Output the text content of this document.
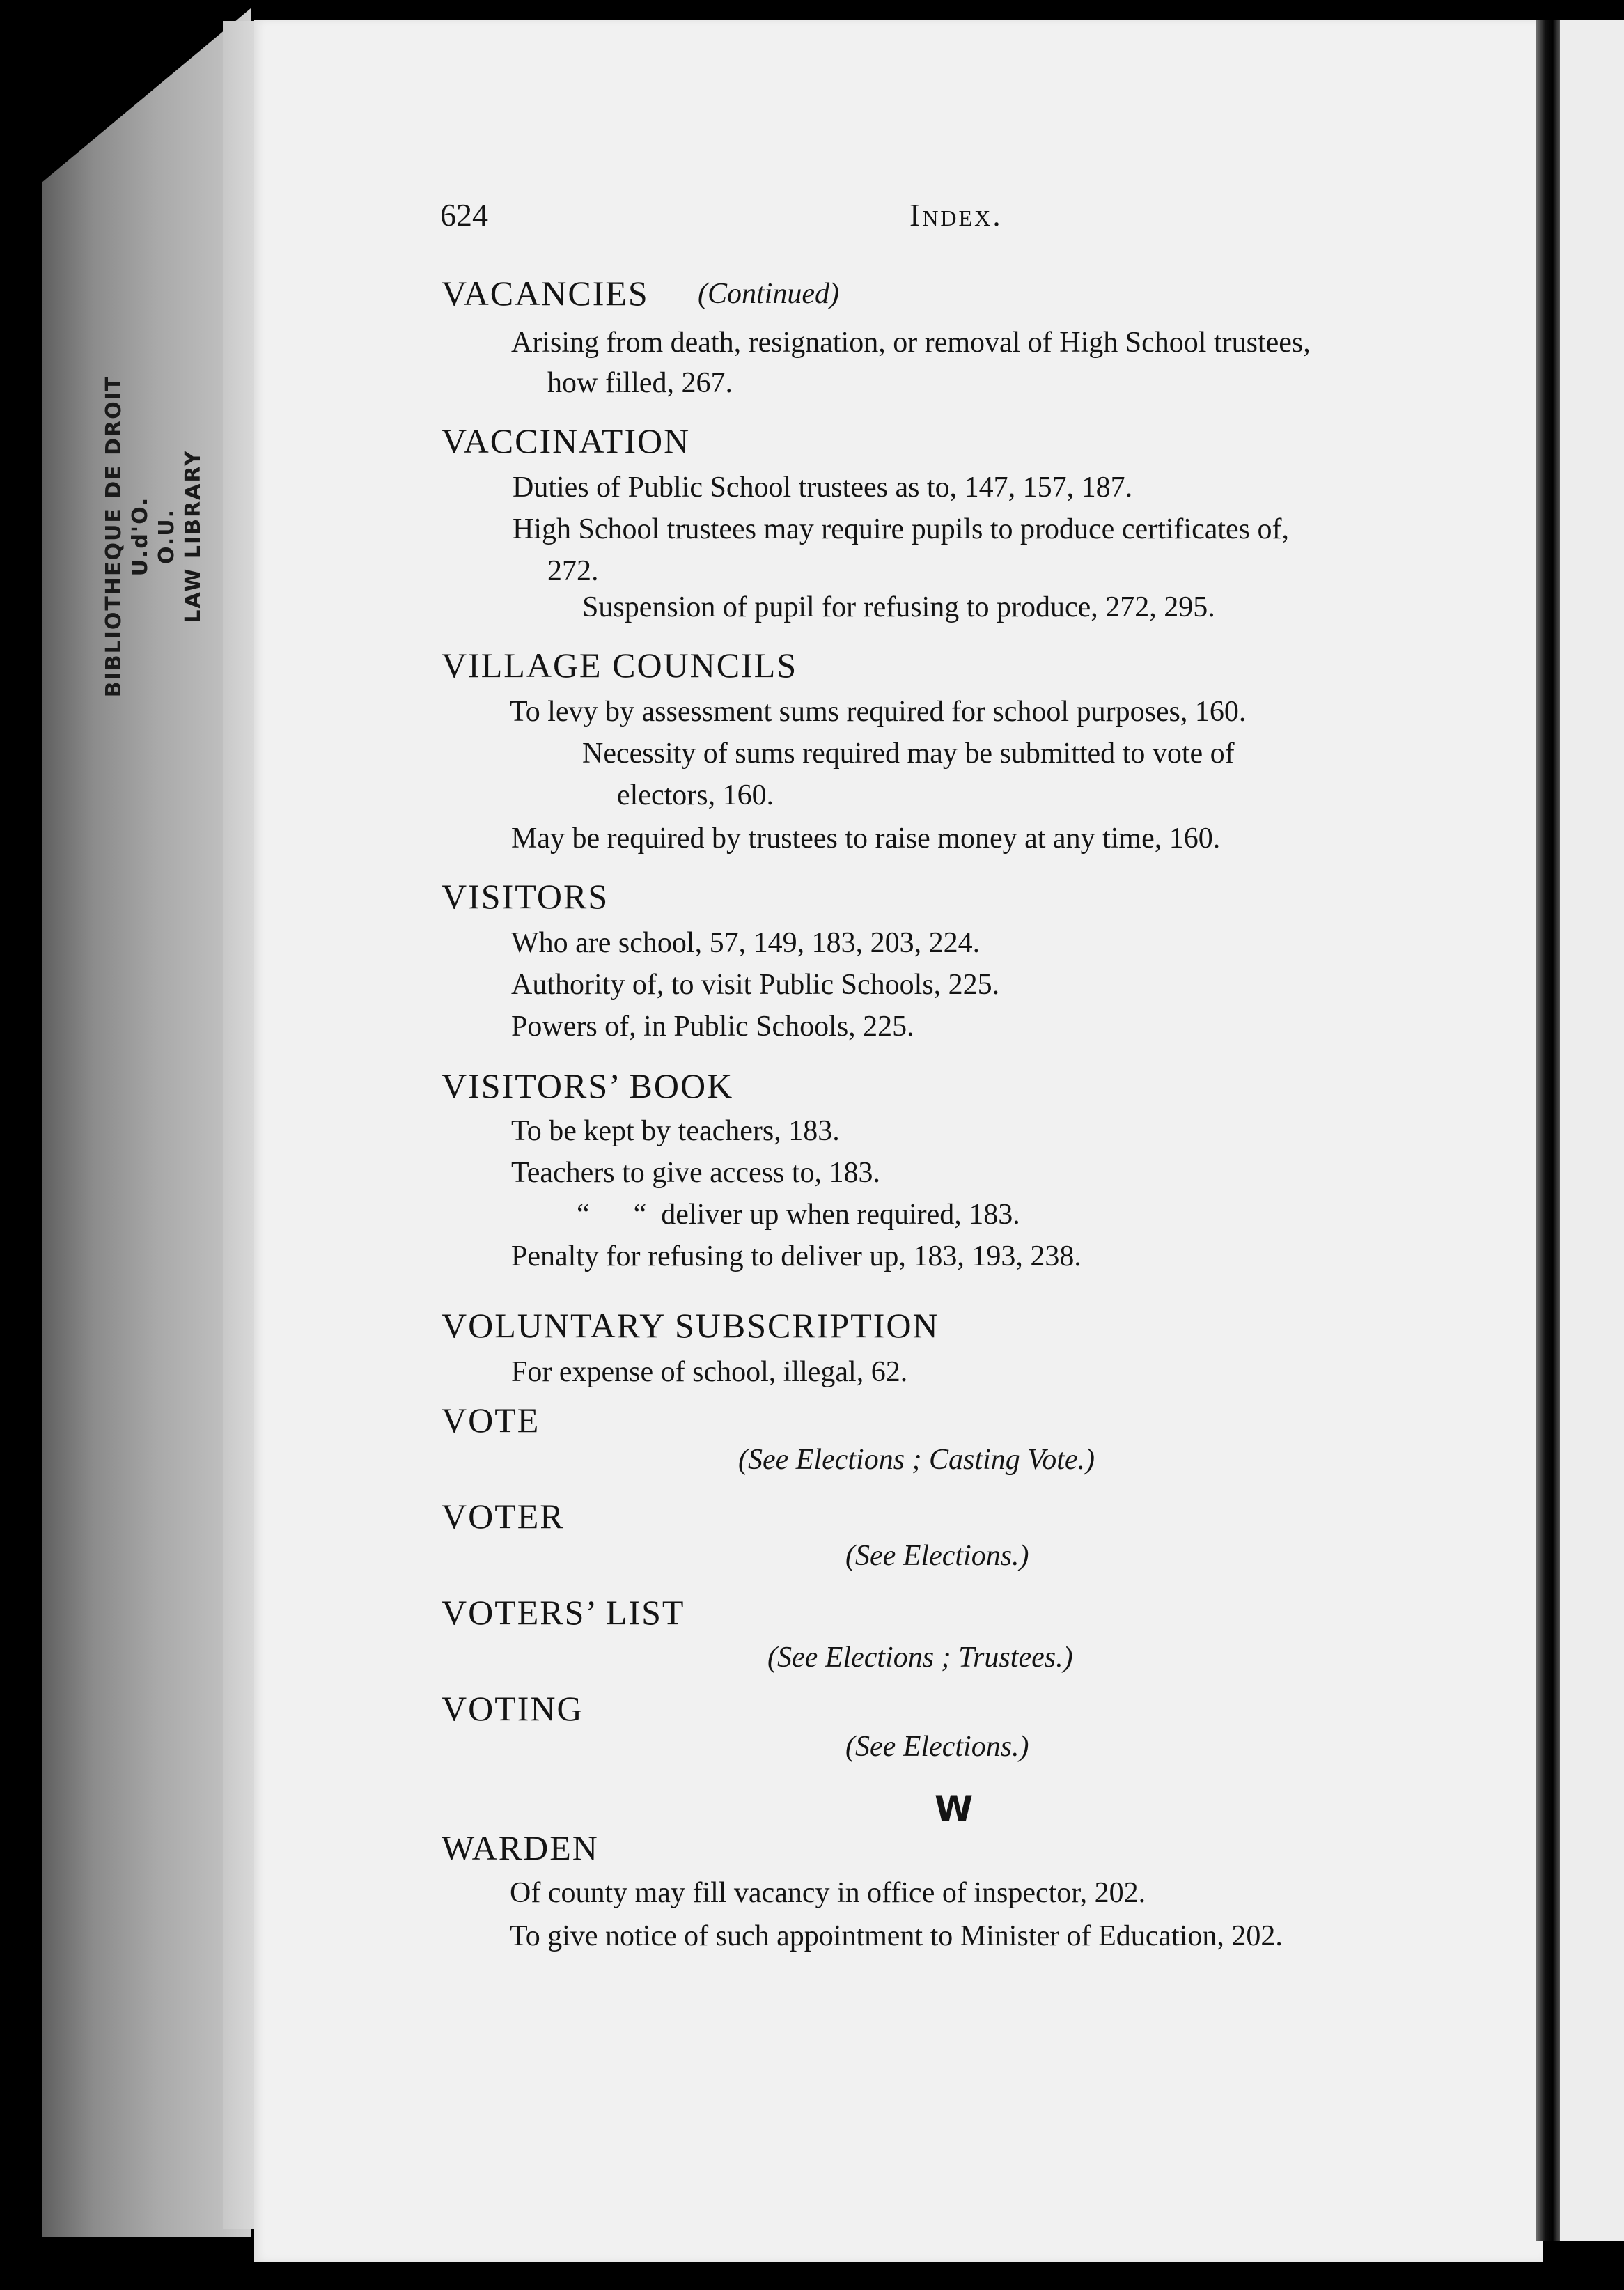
BIBLIOTHEQUE DE DROIT U.d'O. O.U. LAW LIBRARY
624	Index.
VACANCIES (Continued)
Arising from death, resignation, or removal of High School trustees,
how filled, 267.
VACCINATION
Duties of Public School trustees as to, 147, 157, 187.
High School trustees may require pupils to produce certificates of,
272.
Suspension of pupil for refusing to produce, 272, 295.
VILLAGE COUNCILS
To levy by assessment sums required for school purposes, 160.
Necessity of sums required may be submitted to vote of
electors, 160.
May be required by trustees to raise money at any time, 160.
VISITORS
Who are school, 57, 149, 183, 203, 224.
Authority of, to visit Public Schools, 225.
Powers of, in Public Schools, 225.
VISITORS’ BOOK
To be kept by teachers, 183.
Teachers to give access to, 183.
“      “  deliver up when required, 183.
Penalty for refusing to deliver up, 183, 193, 238.
VOLUNTARY SUBSCRIPTION
For expense of school, illegal, 62.
VOTE
(See Elections ; Casting Vote.)
VOTER
(See Elections.)
VOTERS’ LIST
(See Elections ; Trustees.)
VOTING
(See Elections.)
W
WARDEN
Of county may fill vacancy in office of inspector, 202.
To give notice of such appointment to Minister of Education, 202.
